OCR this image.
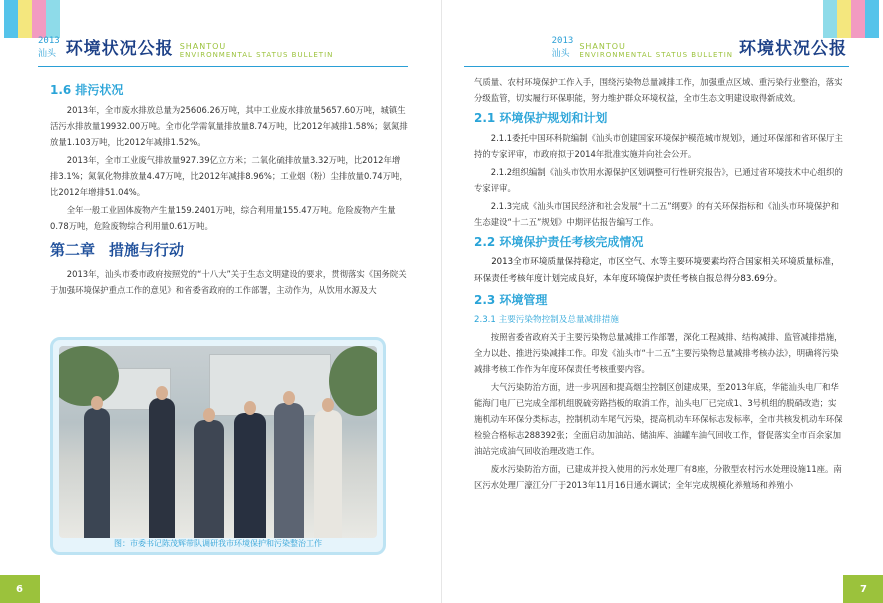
2013
汕头 环境状况公报 SHANTOU
ENVIRONMENTAL STATUS BULLETIN
1.6 排污状况

2013年，全市废水排放总量为25606.26万吨，其中工业废水排放量5657.60万吨，城镇生活污水排放量19932.00万吨。全市化学需氧量排放量8.74万吨，比2012年减排1.58%；氨氮排放量1.103万吨，比2012年减排1.52%。

2013年，全市工业废气排放量927.39亿立方米；二氧化硫排放量3.32万吨，比2012年增排3.1%；氮氧化物排放量4.47万吨，比2012年减排8.96%；工业烟（粉）尘排放量0.74万吨，比2012年增排51.04%。

全年一般工业固体废物产生量159.2401万吨，综合利用量155.47万吨。危险废物产生量0.78万吨，危险废物综合利用量0.61万吨。

第二章 措施与行动

2013年，汕头市委市政府按照党的“十八大”关于生态文明建设的要求，贯彻落实《国务院关于加强环境保护重点工作的意见》和省委省政府的工作部署，主动作为，从饮用水源及大

图：市委书记陈茂辉带队调研我市环境保护和污染整治工作
6
2013
汕头
SHANTOU
ENVIRONMENTAL STATUS BULLETIN 环境状况公报

气质量、农村环境保护工作入手，围绕污染物总量减排工作，加强重点区域、重污染行业整治，落实分级监管，切实履行环保职能，努力维护群众环境权益，全市生态文明建设取得新成效。

2.1 环境保护规划和计划

2.1.1委托中国环科院编制《汕头市创建国家环境保护模范城市规划》，通过环保部和省环保厅主持的专家评审，市政府拟于2014年批准实施并向社会公开。

2.1.2组织编制《汕头市饮用水源保护区划调整可行性研究报告》，已通过省环境技术中心组织的专家评审。

2.1.3完成《汕头市国民经济和社会发展“十二五”纲要》的有关环保指标和《汕头市环境保护和生态建设“十二五”规划》中期评估报告编写工作。

2.2 环境保护责任考核完成情况

2013全市环境质量保持稳定，市区空气、水等主要环境要素均符合国家相关环境质量标准，环保责任考核年度计划完成良好，本年度环境保护责任考核自报总得分83.69分。

2.3 环境管理
2.3.1 主要污染物控制及总量减排措施

按照省委省政府关于主要污染物总量减排工作部署，深化工程减排、结构减排、监管减排措施，全力以赴、推进污染减排工作。印发《汕头市“十二五”主要污染物总量减排考核办法》，明确将污染减排考核工作作为年度环保责任考核重要内容。

大气污染防治方面，进一步巩固和提高烟尘控制区创建成果，至2013年底，华能汕头电厂和华能海门电厂已完成全部机组脱硫旁路挡板的取消工作，汕头电厂已完成1、3号机组的脱硝改造；实施机动车环保分类标志，控制机动车尾气污染，提高机动车环保标志发标率，全市共核发机动车环保检验合格标志288392张；全面启动加油站、储油库、油罐车油气回收工作，督促落实全市百余家加油站完成油气回收治理改造工作。

废水污染防治方面，已建成并投入使用的污水处理厂有8座，分散型农村污水处理设施11座。南区污水处理厂濠江分厂于2013年11月16日通水调试；全年完成规模化养殖场和养殖小

7
